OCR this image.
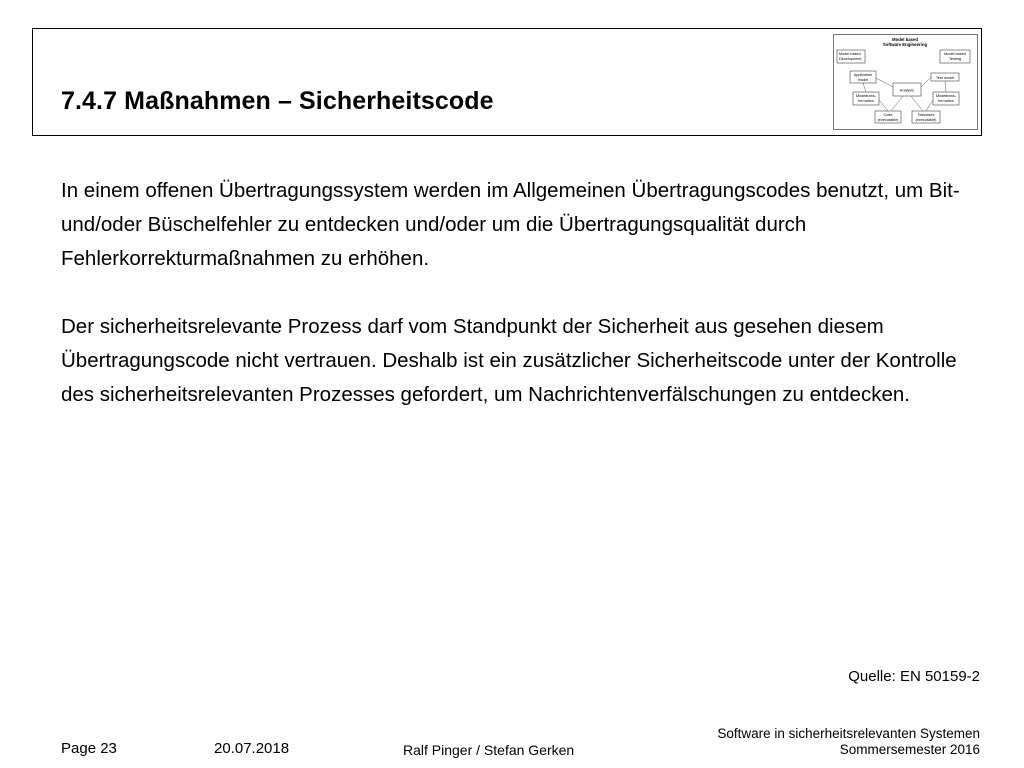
7.4.7 Maßnahmen – Sicherheitscode
Model based
Software Engineering
Model based
Development
Model based
Testing
Application
model	Test model
Analysis
Modeltrans-
formation
Modeltrans-
formation
Code
(executable)
Testcases
(executable)

In einem offenen Übertragungssystem werden im Allgemeinen Übertragungscodes benutzt, um Bit- und/oder Büschelfehler zu entdecken und/oder um die Übertragungsqualität durch Fehlerkorrekturmaßnahmen zu erhöhen.

Der sicherheitsrelevante Prozess darf vom Standpunkt der Sicherheit aus gesehen diesem Übertragungscode nicht vertrauen. Deshalb ist ein zusätzlicher Sicherheitscode unter der Kontrolle des sicherheitsrelevanten Prozesses gefordert, um Nachrichtenverfälschungen zu entdecken.

Quelle: EN 50159-2
Page 23	20.07.2018	Ralf Pinger / Stefan Gerken
Software in sicherheitsrelevanten Systemen
Sommersemester 2016
